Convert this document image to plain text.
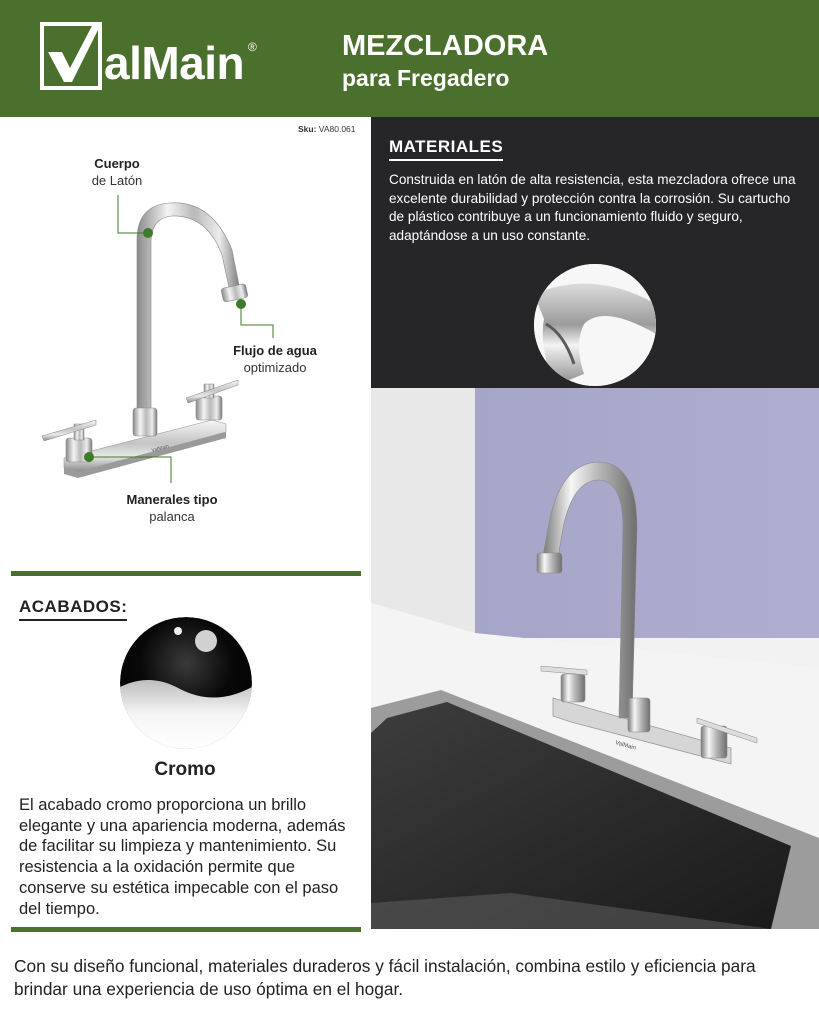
alMain ®	MEZCLADORA
para Fregadero
Sku: VA80.061
ValMain
Cuerpo
de Latón
Flujo de agua
optimizado
Manerales tipo
palanca
ACABADOS:
Cromo
El acabado cromo proporciona un brillo elegante y una apariencia moderna, además de facilitar su limpieza y mantenimiento. Su resistencia a la oxidación permite que conserve su estética impecable con el paso del tiempo.
MATERIALES
Construida en latón de alta resistencia, esta mezcladora ofrece una excelente durabilidad y protección contra la corrosión. Su cartucho de plástico contribuye a un funcionamiento fluido y seguro, adaptándose a un uso constante.
ValMain
Con su diseño funcional, materiales duraderos y fácil instalación, combina estilo y eficiencia para brindar una experiencia de uso óptima en el hogar.
